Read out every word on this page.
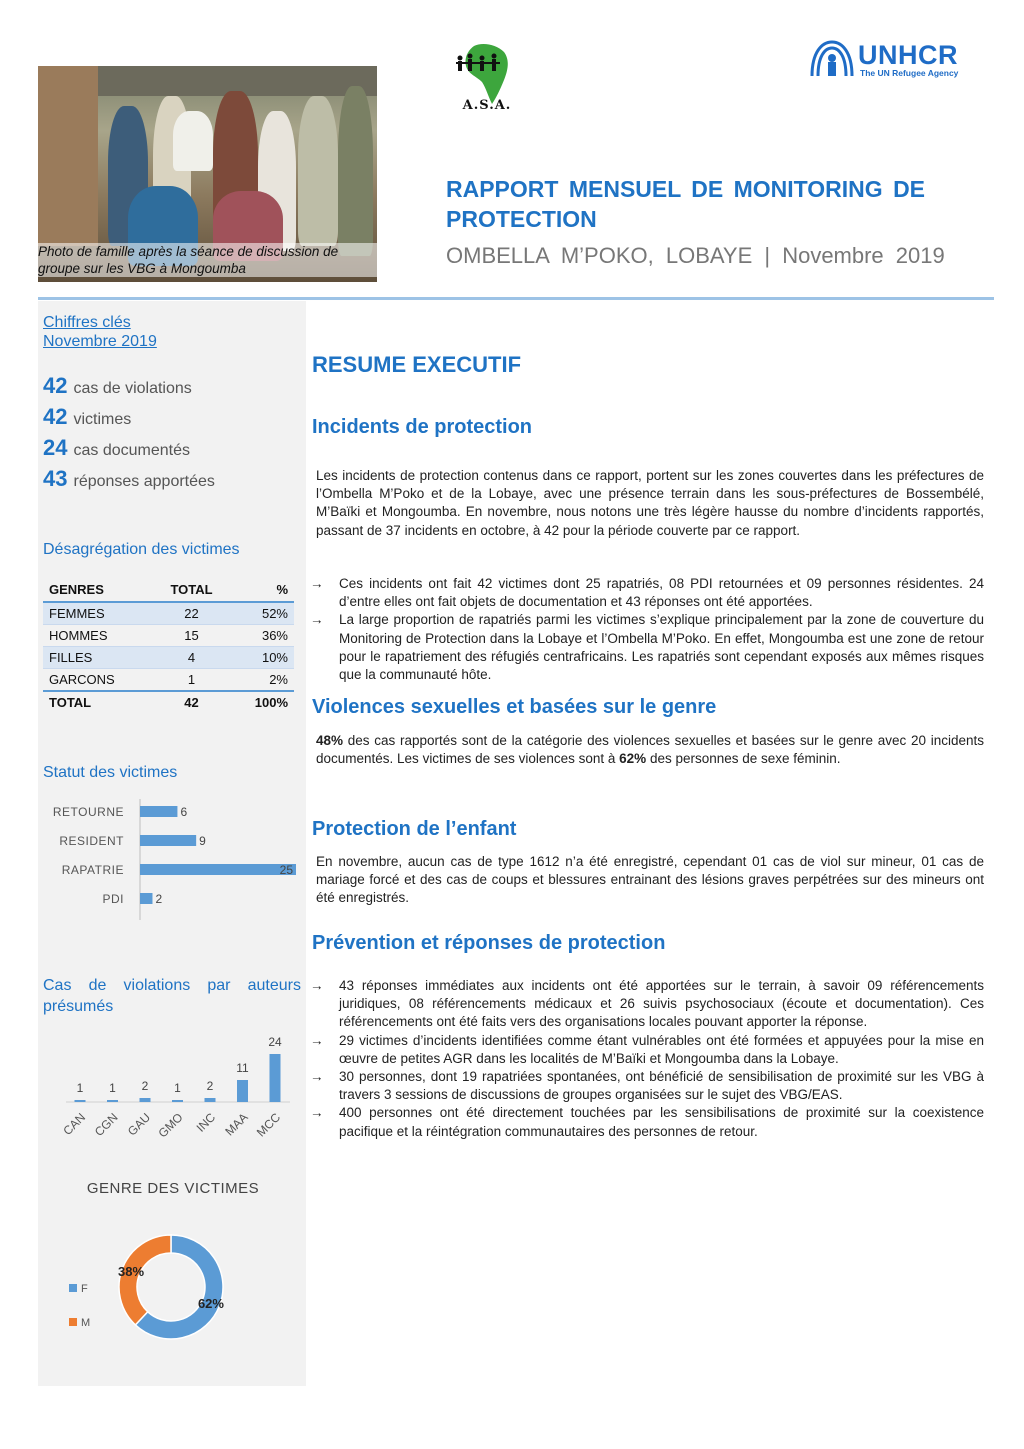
Photo de famille après la séance de discussion de groupe sur les VBG à Mongoumba
A.S.A.
UNHCR
The UN Refugee Agency
RAPPORT MENSUEL DE MONITORING DE PROTECTION
OMBELLA M’POKO, LOBAYE | Novembre 2019
Chiffres clés
Novembre 2019
42 cas de violations
42 victimes
24 cas documentés
43 réponses apportées
Désagrégation des victimes
GENRES	TOTAL	%
FEMMES	22	52%
HOMMES	15	36%
FILLES	4	10%
GARCONS	1	2%
TOTAL	42	100%
Statut des victimes
RETOURNE	6
RESIDENT	9
RAPATRIE	25
PDI	2
Cas de violations par auteurs présumés
1
CAN
1
CGN
2
GAU
1
GMO
2
INC
11
MAA
24
MCC
GENRE DES VICTIMES
62%
38%
F
M
RESUME EXECUTIF
Incidents de protection
Les incidents de protection contenus dans ce rapport, portent sur les zones couvertes dans les préfectures de l’Ombella M’Poko et de la Lobaye, avec une présence terrain dans les sous-préfectures de Bossembélé, M’Baïki et Mongoumba. En novembre, nous notons une très légère hausse du nombre d’incidents rapportés, passant de 37 incidents en octobre, à 42 pour la période couverte par ce rapport.
→	Ces incidents ont fait 42 victimes dont 25 rapatriés, 08 PDI retournées et 09 personnes résidentes. 24 d’entre elles ont fait objets de documentation et 43 réponses ont été apportées.
→	La large proportion de rapatriés parmi les victimes s’explique principalement par la zone de couverture du Monitoring de Protection dans la Lobaye et l’Ombella M’Poko. En effet, Mongoumba est une zone de retour pour le rapatriement des réfugiés centrafricains. Les rapatriés sont cependant exposés aux mêmes risques que la communauté hôte.
Violences sexuelles et basées sur le genre
48% des cas rapportés sont de la catégorie des violences sexuelles et basées sur le genre avec 20 incidents documentés. Les victimes de ses violences sont à 62% des personnes de sexe féminin.
Protection de l’enfant
En novembre, aucun cas de type 1612 n’a été enregistré, cependant 01 cas de viol sur mineur, 01 cas de mariage forcé et des cas de coups et blessures entrainant des lésions graves perpétrées sur des mineurs ont été enregistrés.
Prévention et réponses de protection
→	43 réponses immédiates aux incidents ont été apportées sur le terrain, à savoir 09 référencements juridiques, 08 référencements médicaux et 26 suivis psychosociaux (écoute et documentation). Ces référencements ont été faits vers des organisations locales pouvant apporter la réponse.
→	29 victimes d’incidents identifiées comme étant vulnérables ont été formées et appuyées pour la mise en œuvre de petites AGR dans les localités de M’Baïki et Mongoumba dans la Lobaye.
→	30 personnes, dont 19 rapatriées spontanées, ont bénéficié de sensibilisation de proximité sur les VBG à travers 3 sessions de discussions de groupes organisées sur le sujet des VBG/EAS.
→	400 personnes ont été directement touchées par les sensibilisations de proximité sur la coexistence pacifique et la réintégration communautaires des personnes de retour.
